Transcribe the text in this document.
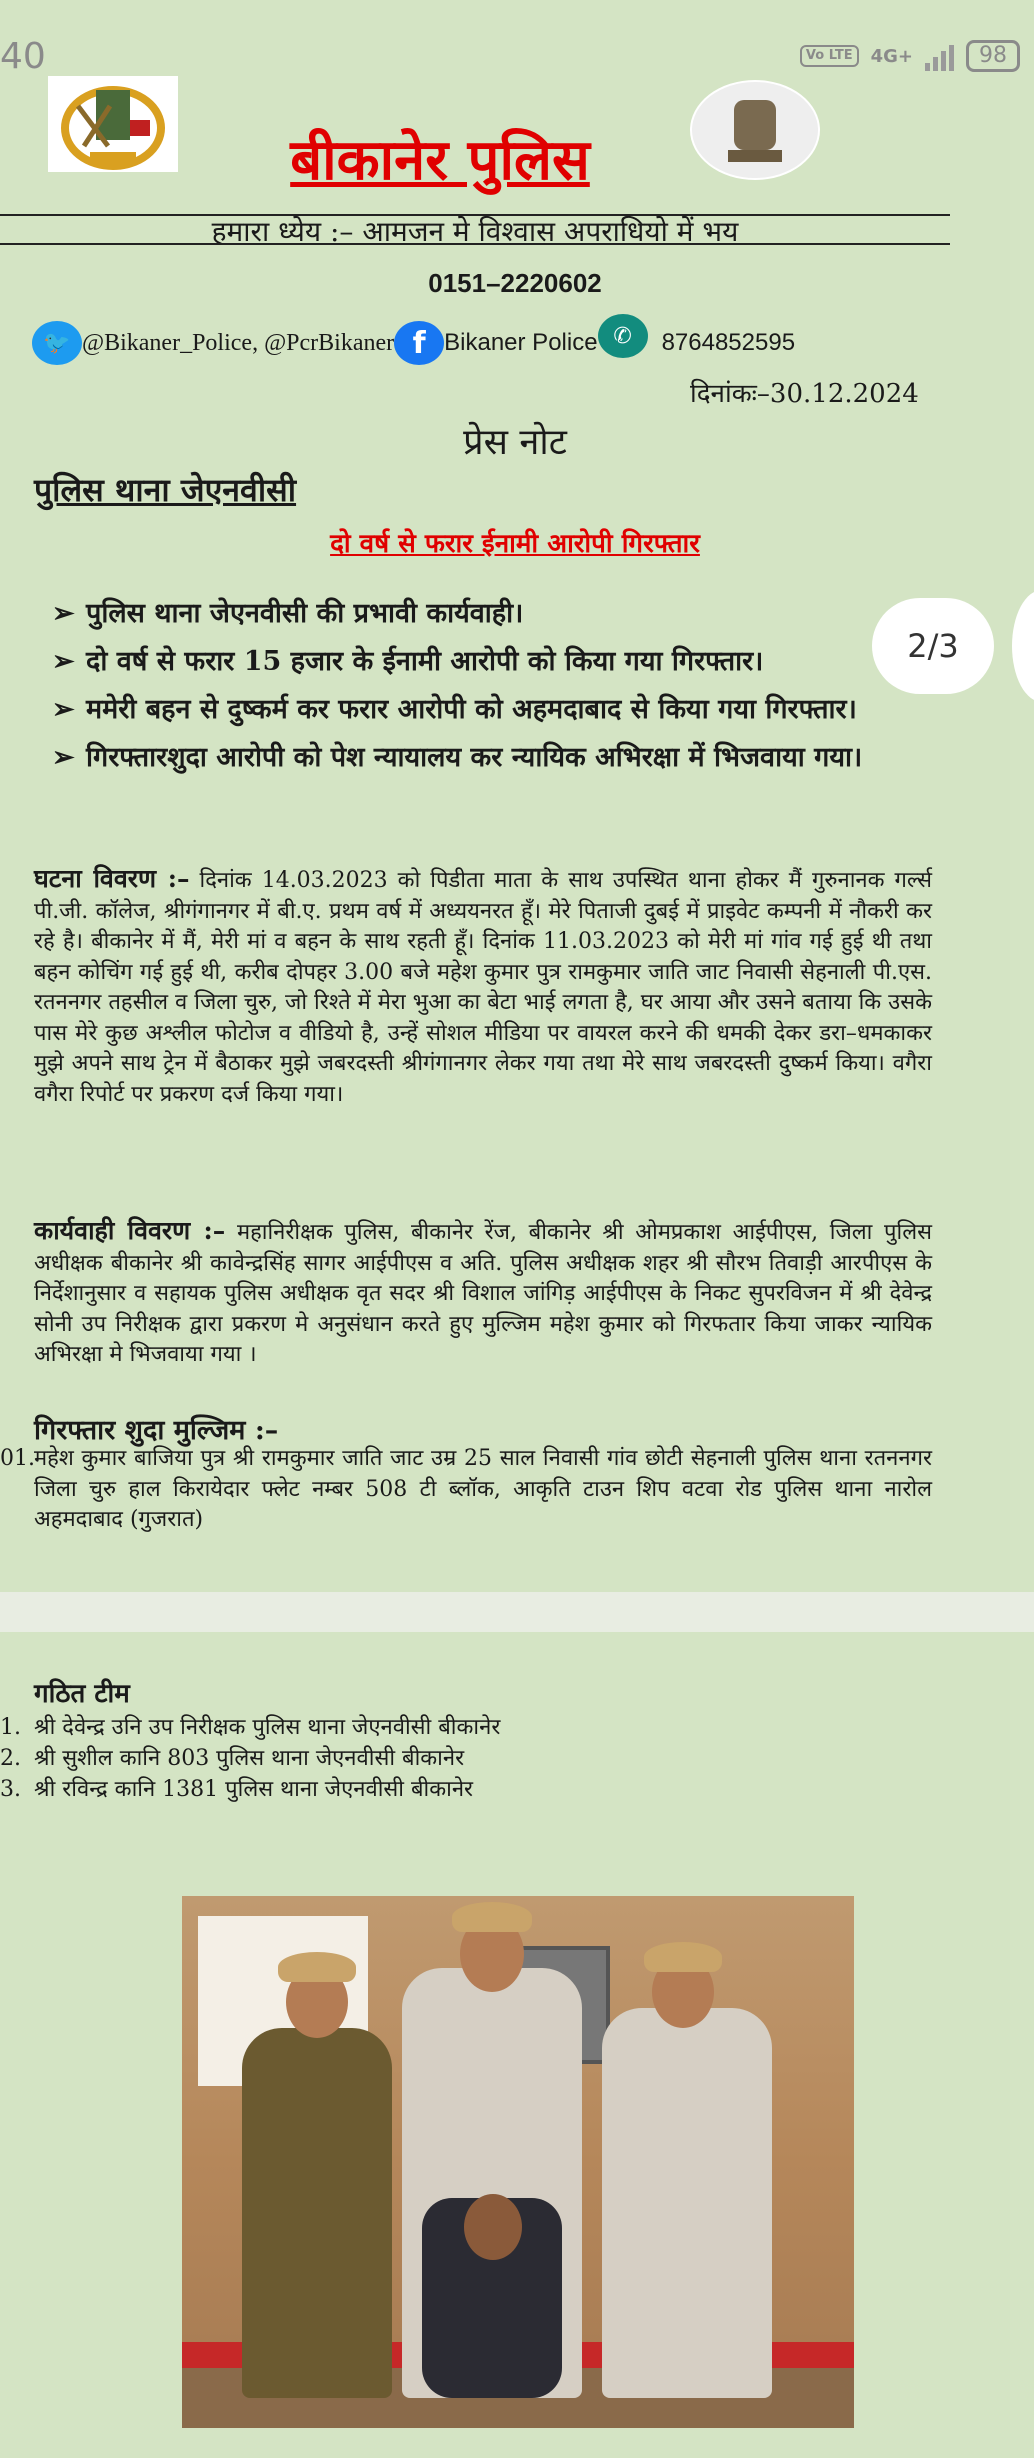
40	Vo LTE	4G+	98
बीकानेर पुलिस
हमारा ध्येय :– आमजन मे विश्वास अपराधियो में भय
0151–2220602
🐦 @Bikaner_Police, @PcrBikaner f Bikaner Police ✆	8764852595
दिनांकः–30.12.2024
प्रेस नोट
पुलिस थाना जेएनवीसी
दो वर्ष से फरार ईनामी आरोपी गिरफ्तार
➢ पुलिस थाना जेएनवीसी की प्रभावी कार्यवाही।
➢ दो वर्ष से फरार 15 हजार के ईनामी आरोपी को किया गया गिरफ्तार।
➢ ममेरी बहन से दुष्कर्म कर फरार आरोपी को अहमदाबाद से किया गया गिरफ्तार।
➢ गिरफ्तारशुदा आरोपी को पेश न्यायालय कर न्यायिक अभिरक्षा में भिजवाया गया।
2/3
घटना विवरण :– दिनांक 14.03.2023 को पिडीता माता के साथ उपस्थित थाना होकर मैं गुरुनानक गर्ल्स पी.जी. कॉलेज, श्रीगंगानगर में बी.ए. प्रथम वर्ष में अध्ययनरत हूँ। मेरे पिताजी दुबई में प्राइवेट कम्पनी में नौकरी कर रहे है। बीकानेर में मैं, मेरी मां व बहन के साथ रहती हूँ। दिनांक 11.03.2023 को मेरी मां गांव गई हुई थी तथा बहन कोचिंग गई हुई थी, करीब दोपहर 3.00 बजे महेश कुमार पुत्र रामकुमार जाति जाट निवासी सेहनाली पी.एस. रतननगर तहसील व जिला चुरु, जो रिश्ते में मेरा भुआ का बेटा भाई लगता है, घर आया और उसने बताया कि उसके पास मेरे कुछ अश्लील फोटोज व वीडियो है, उन्हें सोशल मीडिया पर वायरल करने की धमकी देकर डरा–धमकाकर मुझे अपने साथ ट्रेन में बैठाकर मुझे जबरदस्ती श्रीगंगानगर लेकर गया तथा मेरे साथ जबरदस्ती दुष्कर्म किया। वगैरा वगैरा रिपोर्ट पर प्रकरण दर्ज किया गया।
कार्यवाही विवरण :– महानिरीक्षक पुलिस, बीकानेर रेंज, बीकानेर श्री ओमप्रकाश आईपीएस, जिला पुलिस अधीक्षक बीकानेर श्री कावेन्द्रसिंह सागर आईपीएस व अति. पुलिस अधीक्षक शहर श्री सौरभ तिवाड़ी आरपीएस के निर्देशानुसार व सहायक पुलिस अधीक्षक वृत सदर श्री विशाल जांगिड़ आईपीएस के निकट सुपरविजन में श्री देवेन्द्र सोनी उप निरीक्षक द्वारा प्रकरण मे अनुसंधान करते हुए मुल्जिम महेश कुमार को गिरफतार किया जाकर न्यायिक अभिरक्षा मे भिजवाया गया ।
गिरफ्तार शुदा मुल्जिम :–
01. महेश कुमार बाजिया पुत्र श्री रामकुमार जाति जाट उम्र 25 साल निवासी गांव छोटी सेहनाली पुलिस थाना रतननगर जिला चुरु हाल किरायेदार फ्लेट नम्बर 508 टी ब्लॉक, आकृति टाउन शिप वटवा रोड पुलिस थाना नारोल अहमदाबाद (गुजरात)
गठित टीम
1. श्री देवेन्द्र उनि उप निरीक्षक पुलिस थाना जेएनवीसी बीकानेर
2. श्री सुशील कानि 803 पुलिस थाना जेएनवीसी बीकानेर
3. श्री रविन्द्र कानि 1381 पुलिस थाना जेएनवीसी बीकानेर
